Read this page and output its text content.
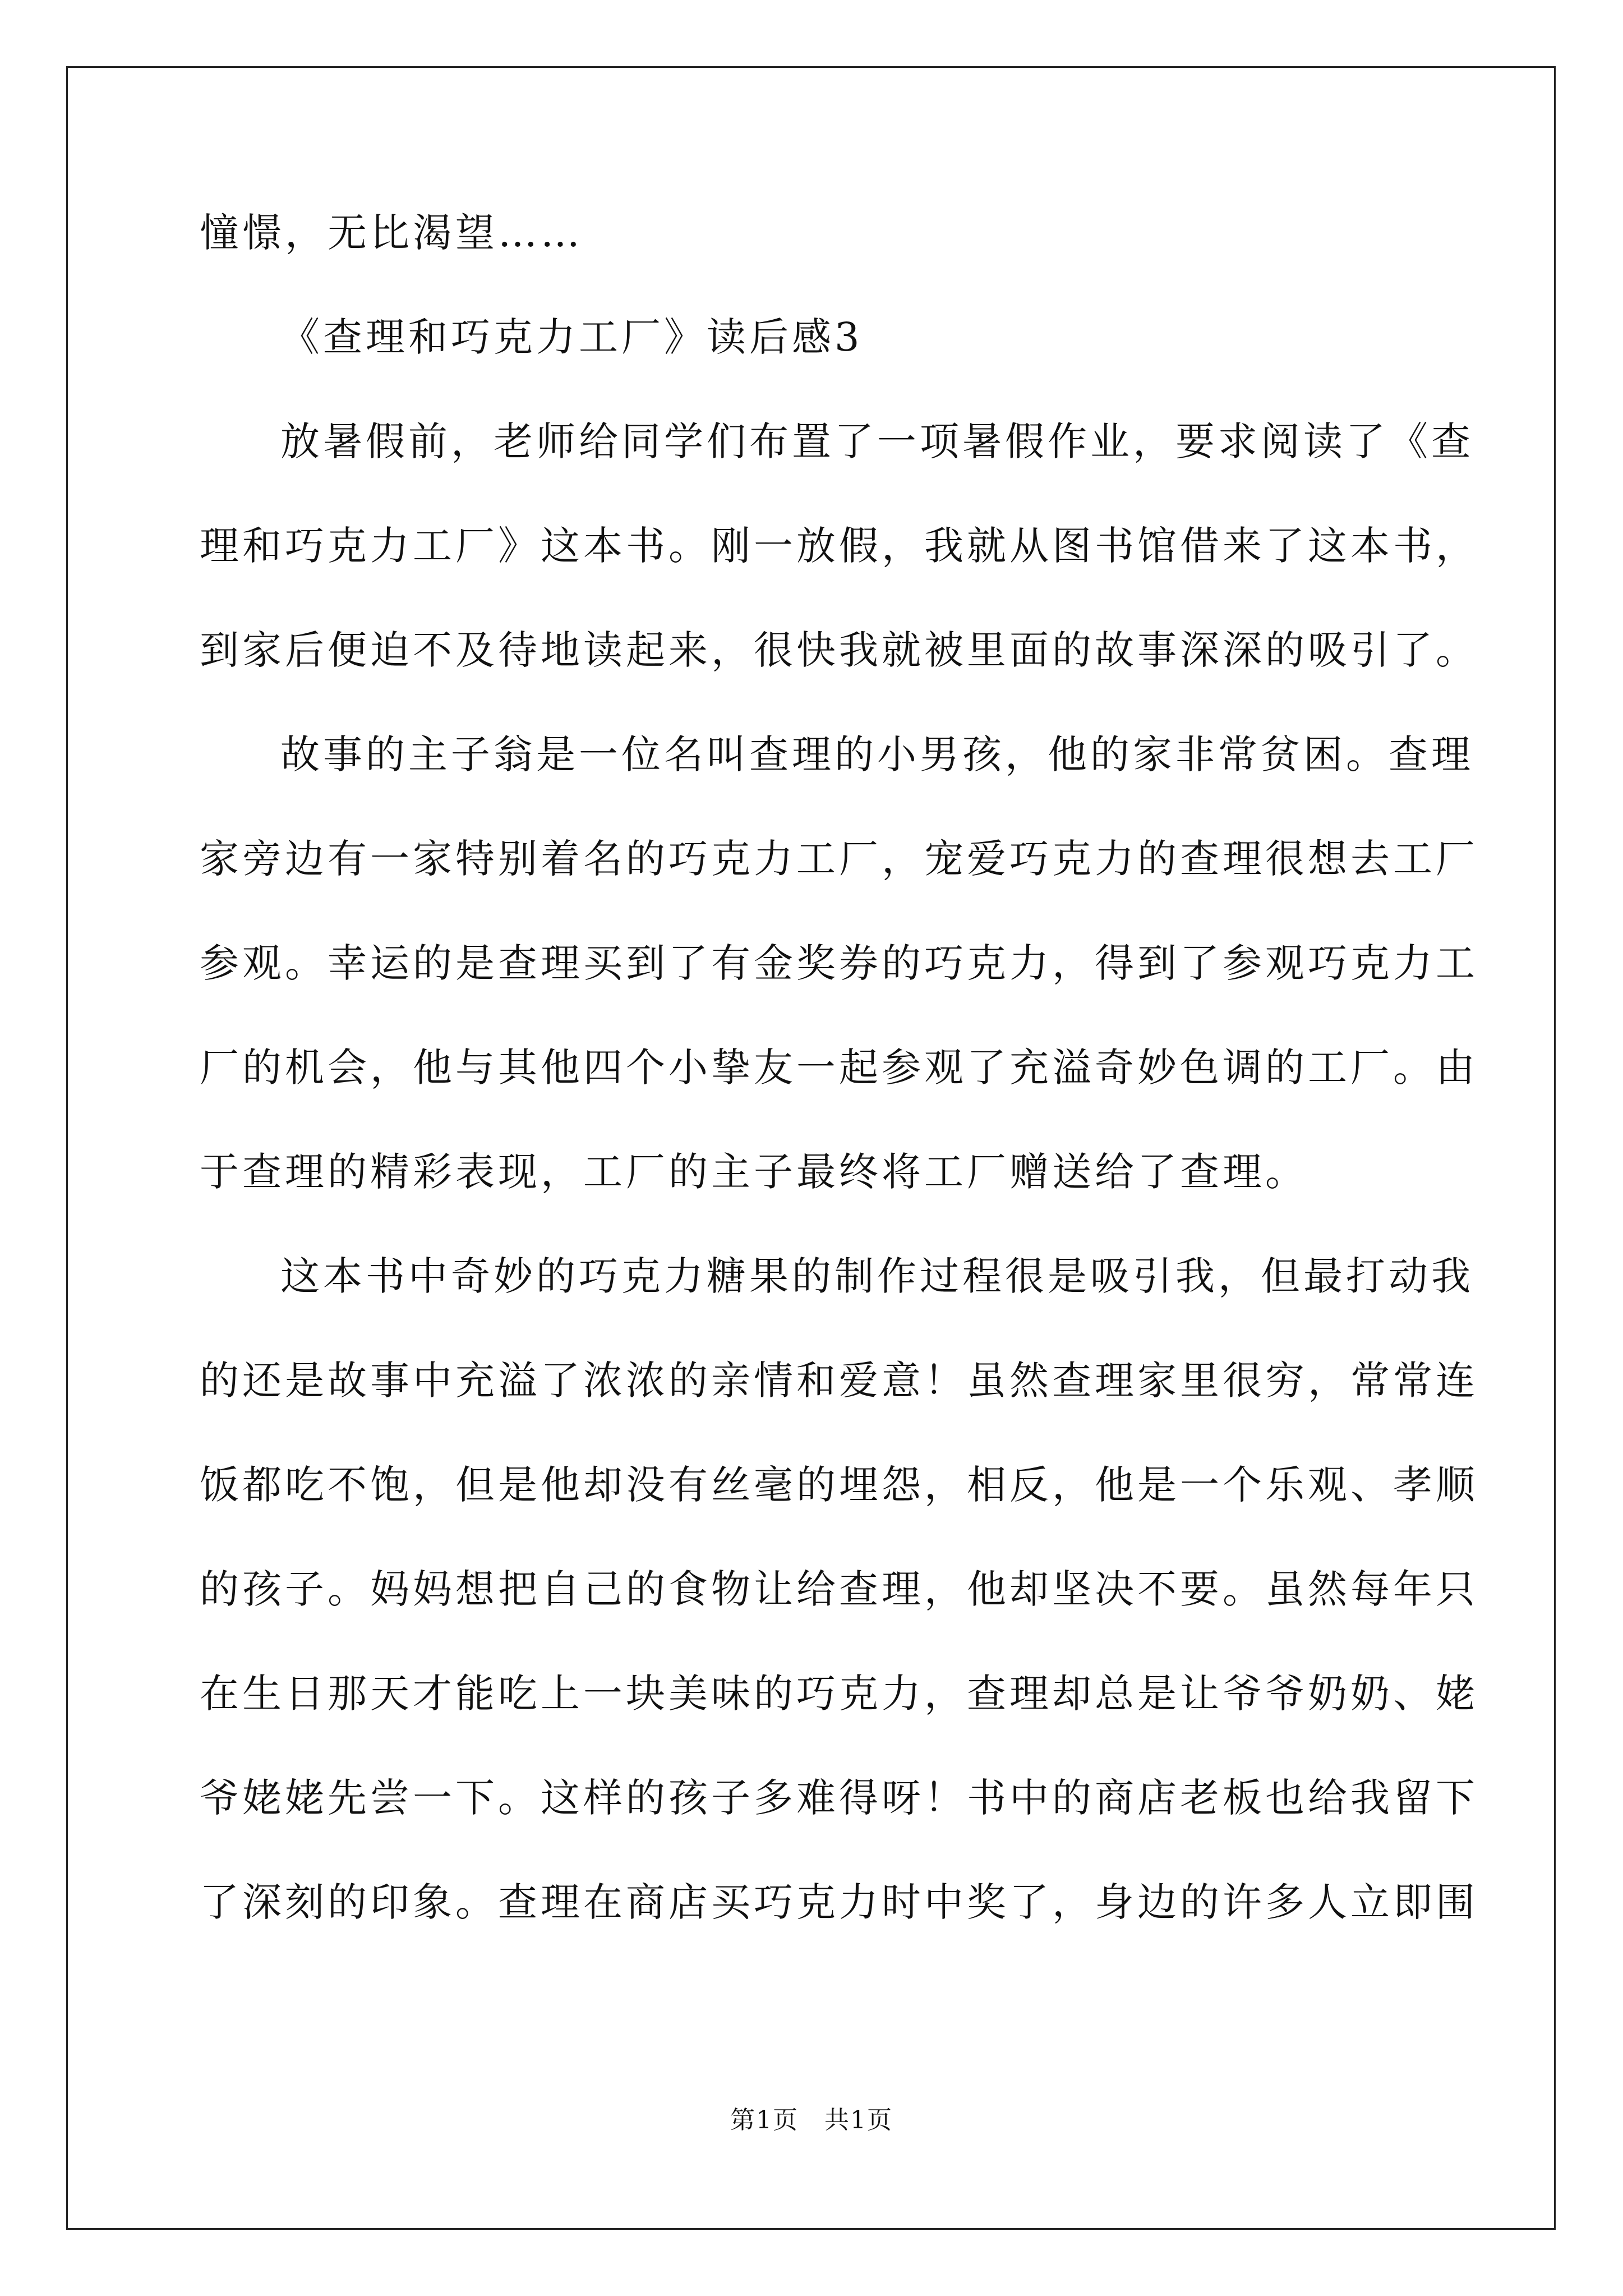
憧憬，无比渴望……

《查理和巧克力工厂》读后感3

放暑假前，老师给同学们布置了一项暑假作业，要求阅读了《查

理和巧克力工厂》这本书。刚一放假，我就从图书馆借来了这本书，

到家后便迫不及待地读起来，很快我就被里面的故事深深的吸引了。

故事的主子翁是一位名叫查理的小男孩，他的家非常贫困。查理

家旁边有一家特别着名的巧克力工厂，宠爱巧克力的查理很想去工厂

参观。幸运的是查理买到了有金奖券的巧克力，得到了参观巧克力工

厂的机会，他与其他四个小挚友一起参观了充溢奇妙色调的工厂。由

于查理的精彩表现，工厂的主子最终将工厂赠送给了查理。

这本书中奇妙的巧克力糖果的制作过程很是吸引我，但最打动我

的还是故事中充溢了浓浓的亲情和爱意！虽然查理家里很穷，常常连

饭都吃不饱，但是他却没有丝毫的埋怨，相反，他是一个乐观、孝顺

的孩子。妈妈想把自己的食物让给查理，他却坚决不要。虽然每年只

在生日那天才能吃上一块美味的巧克力，查理却总是让爷爷奶奶、姥

爷姥姥先尝一下。这样的孩子多难得呀！书中的商店老板也给我留下

了深刻的印象。查理在商店买巧克力时中奖了，身边的许多人立即围

第1页　共1页
